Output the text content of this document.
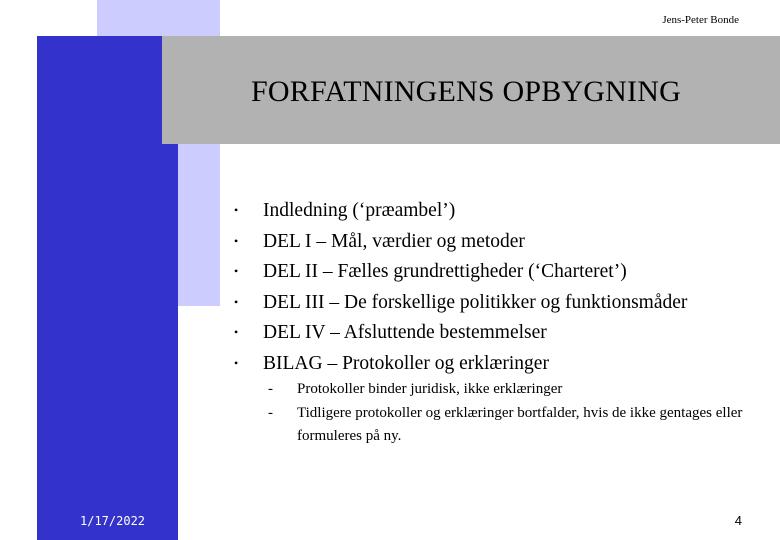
Jens-Peter Bonde
FORFATNINGENS OPBYGNING
•	Indledning (‘præambel’)
•	DEL I – Mål, værdier og metoder
•	DEL II – Fælles grundrettigheder (‘Charteret’)
•	DEL III – De forskellige politikker og funktionsmåder
•	DEL IV – Afsluttende bestemmelser
•	BILAG – Protokoller og erklæringer
-	Protokoller binder juridisk, ikke erklæringer
-	Tidligere protokoller og erklæringer bortfalder, hvis de ikke gentages eller formuleres på ny.
1/17/2022	4
